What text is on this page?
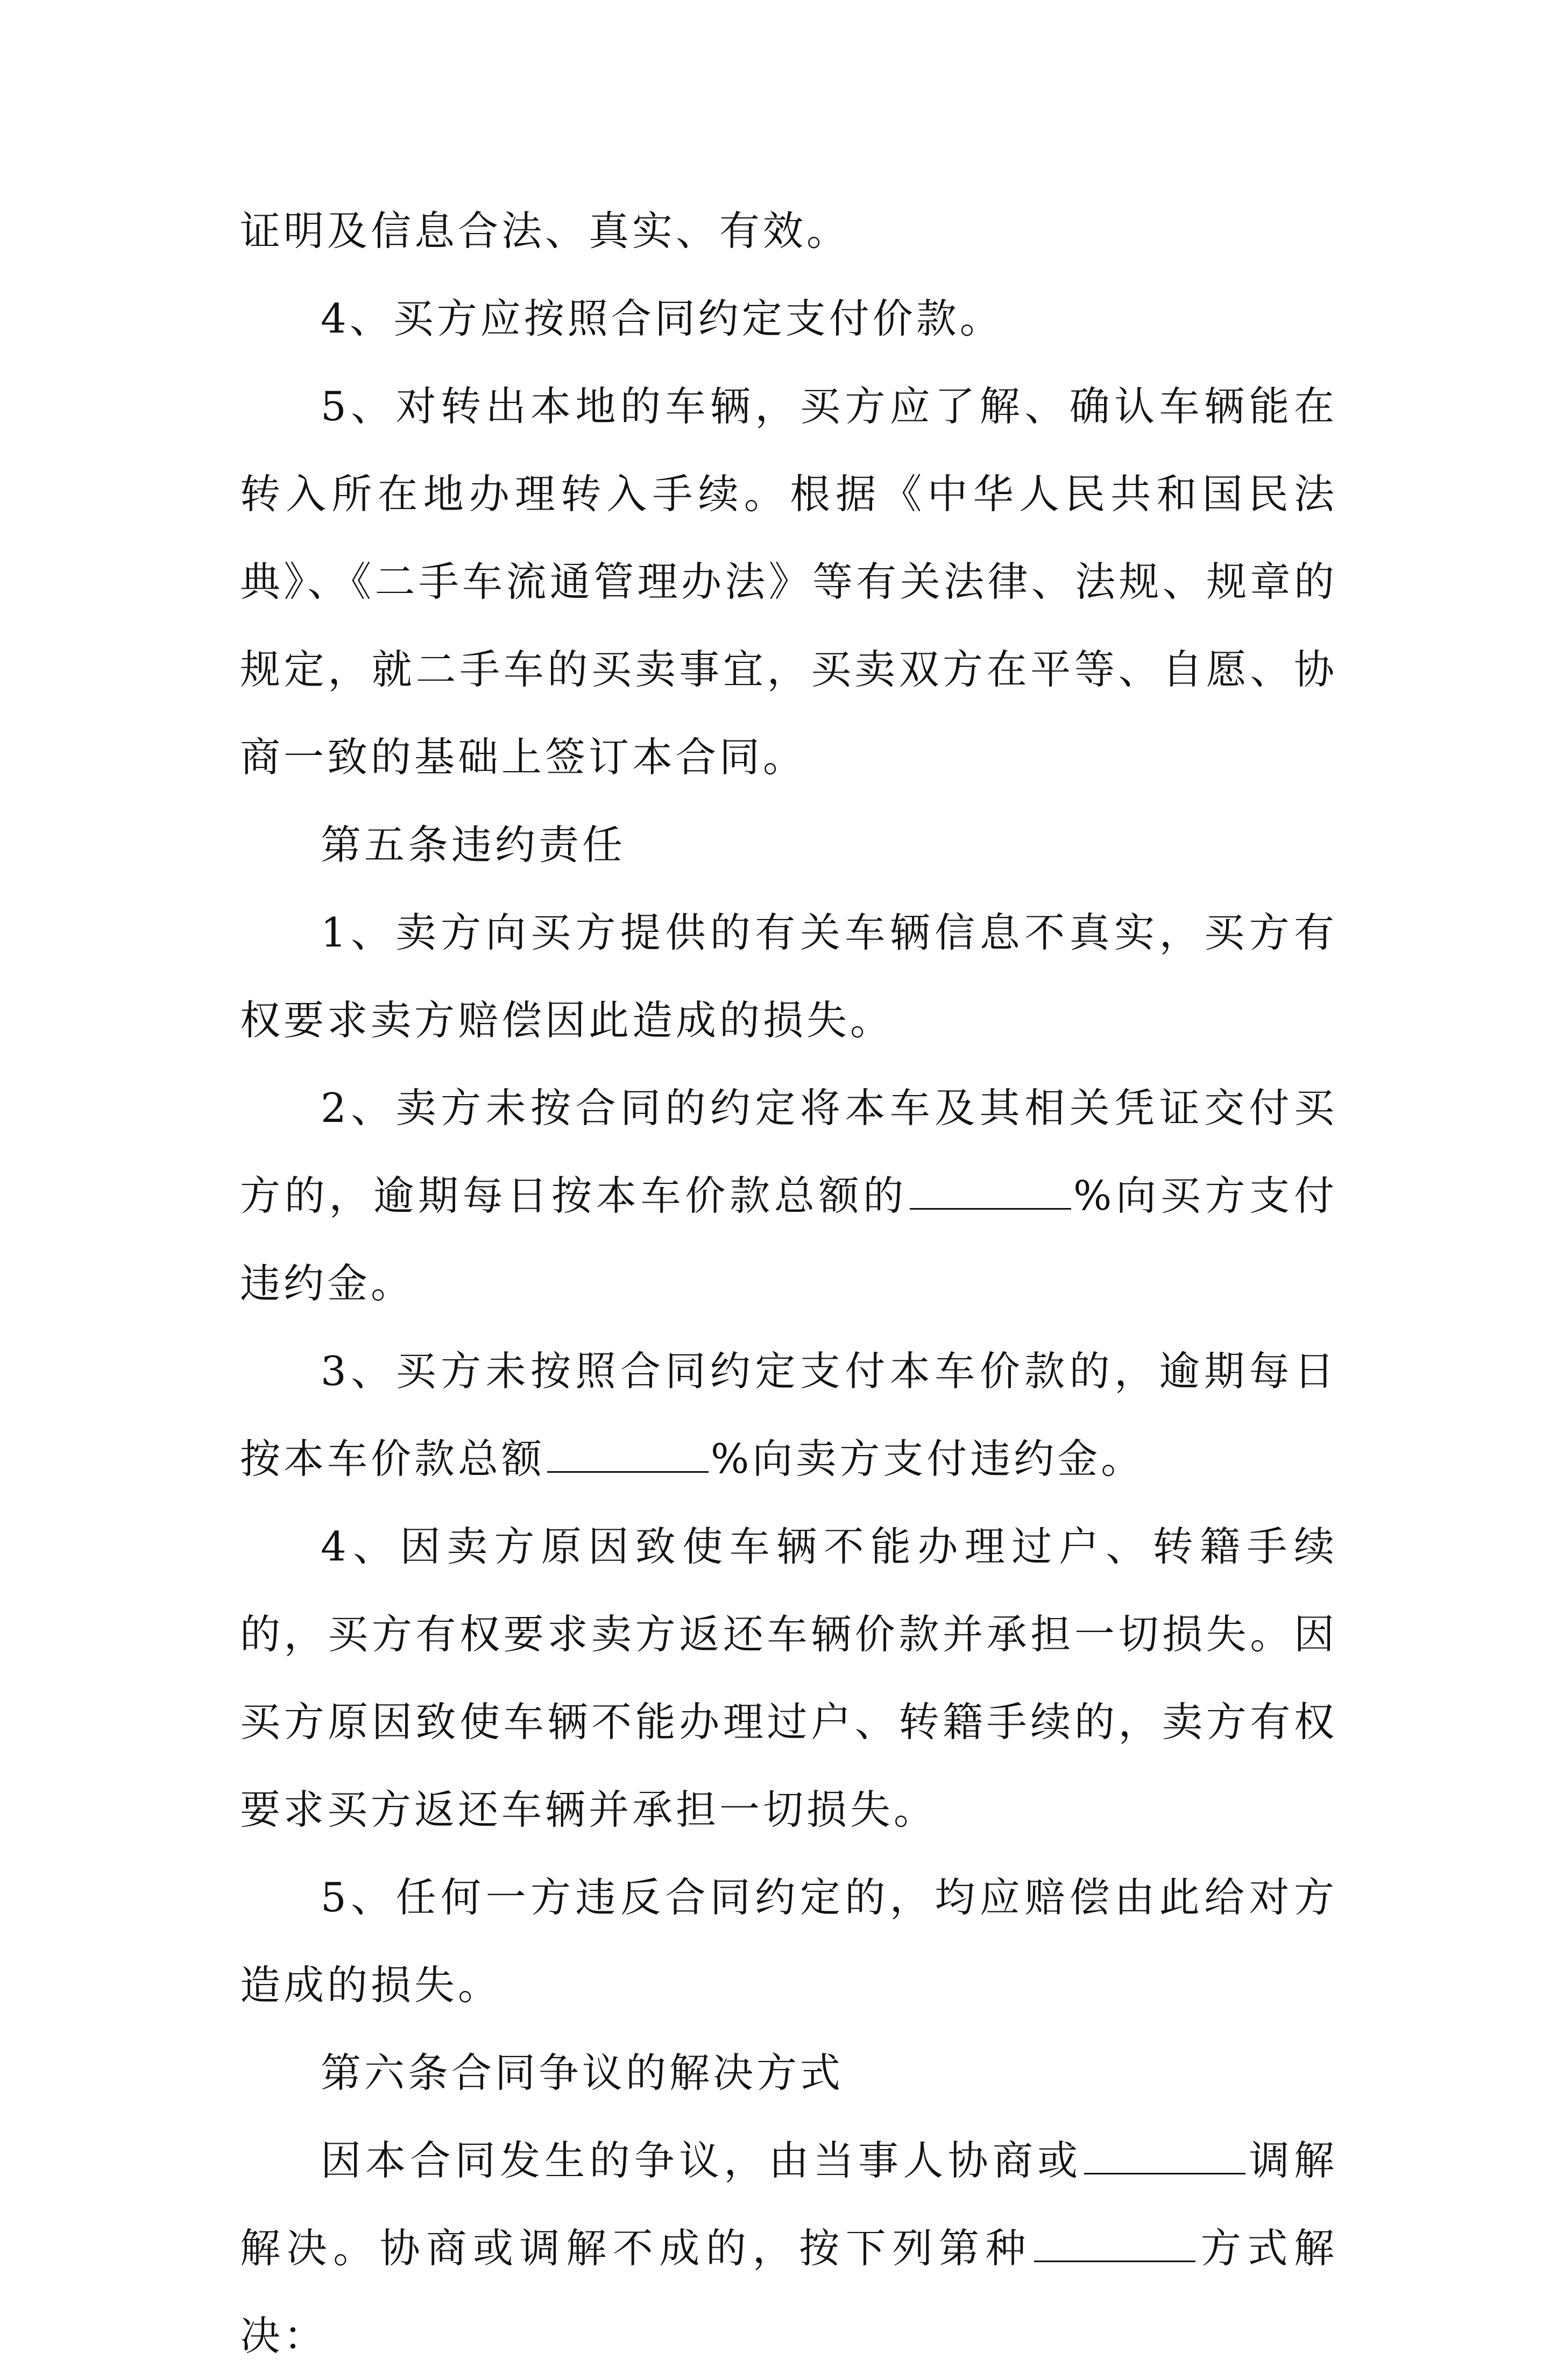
证明及信息合法、真实、有效。

4、买方应按照合同约定支付价款。

5、对转出本地的车辆，买方应了解、确认车辆能在转入所在地办理转入手续。根据《中华人民共和国民法典》、《二手车流通管理办法》等有关法律、法规、规章的规定，就二手车的买卖事宜，买卖双方在平等、自愿、协商一致的基础上签订本合同。

第五条违约责任

1、卖方向买方提供的有关车辆信息不真实，买方有权要求卖方赔偿因此造成的损失。

2、卖方未按合同的约定将本车及其相关凭证交付买方的，逾期每日按本车价款总额的	%向买方支付违约金。

3、买方未按照合同约定支付本车价款的，逾期每日按本车价款总额	%向卖方支付违约金。

4、因卖方原因致使车辆不能办理过户、转籍手续的，买方有权要求卖方返还车辆价款并承担一切损失。因买方原因致使车辆不能办理过户、转籍手续的，卖方有权要求买方返还车辆并承担一切损失。

5、任何一方违反合同约定的，均应赔偿由此给对方造成的损失。

第六条合同争议的解决方式

因本合同发生的争议，由当事人协商或	调解解决。协商或调解不成的，按下列第种	方式解决：
